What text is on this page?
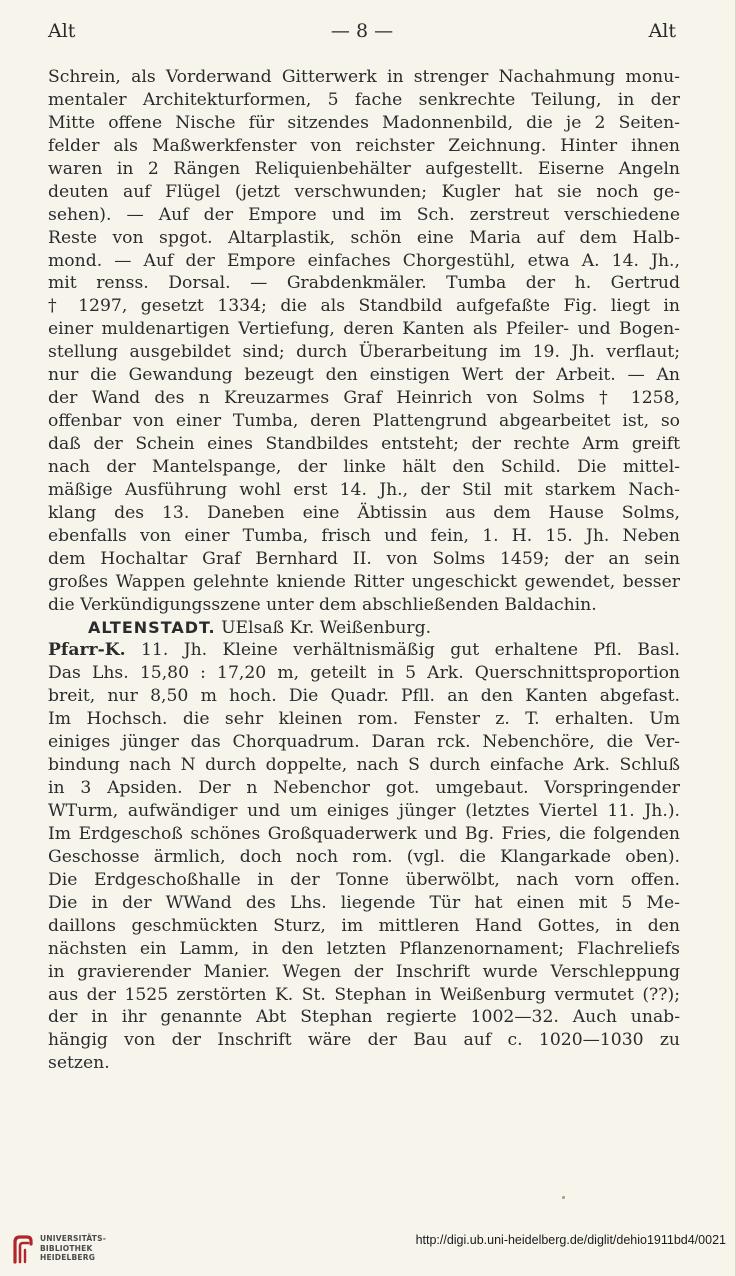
Alt	— 8 —	Alt
Schrein, als Vorderwand Gitterwerk in strenger Nachahmung monu-
mentaler Architekturformen, 5 fache senkrechte Teilung, in der
Mitte offene Nische für sitzendes Madonnenbild, die je 2 Seiten-
felder als Maßwerkfenster von reichster Zeichnung. Hinter ihnen
waren in 2 Rängen Reliquienbehälter aufgestellt. Eiserne Angeln
deuten auf Flügel (jetzt verschwunden; Kugler hat sie noch ge-
sehen). — Auf der Empore und im Sch. zerstreut verschiedene
Reste von spgot. Altarplastik, schön eine Maria auf dem Halb-
mond. — Auf der Empore einfaches Chorgestühl, etwa A. 14. Jh.,
mit renss. Dorsal. — Grabdenkmäler. Tumba der h. Gertrud
† 1297, gesetzt 1334; die als Standbild aufgefaßte Fig. liegt in
einer muldenartigen Vertiefung, deren Kanten als Pfeiler- und Bogen-
stellung ausgebildet sind; durch Überarbeitung im 19. Jh. verflaut;
nur die Gewandung bezeugt den einstigen Wert der Arbeit. — An
der Wand des n Kreuzarmes Graf Heinrich von Solms † 1258,
offenbar von einer Tumba, deren Plattengrund abgearbeitet ist, so
daß der Schein eines Standbildes entsteht; der rechte Arm greift
nach der Mantelspange, der linke hält den Schild. Die mittel-
mäßige Ausführung wohl erst 14. Jh., der Stil mit starkem Nach-
klang des 13. Daneben eine Äbtissin aus dem Hause Solms,
ebenfalls von einer Tumba, frisch und fein, 1. H. 15. Jh. Neben
dem Hochaltar Graf Bernhard II. von Solms 1459; der an sein
großes Wappen gelehnte kniende Ritter ungeschickt gewendet, besser
die Verkündigungsszene unter dem abschließenden Baldachin.
ALTENSTADT. UElsaß Kr. Weißenburg.
Pfarr-K. 11. Jh. Kleine verhältnismäßig gut erhaltene Pfl. Basl.
Das Lhs. 15,80 : 17,20 m, geteilt in 5 Ark. Querschnittsproportion
breit, nur 8,50 m hoch. Die Quadr. Pfll. an den Kanten abgefast.
Im Hochsch. die sehr kleinen rom. Fenster z. T. erhalten. Um
einiges jünger das Chorquadrum. Daran rck. Nebenchöre, die Ver-
bindung nach N durch doppelte, nach S durch einfache Ark. Schluß
in 3 Apsiden. Der n Nebenchor got. umgebaut. Vorspringender
WTurm, aufwändiger und um einiges jünger (letztes Viertel 11. Jh.).
Im Erdgeschoß schönes Großquaderwerk und Bg. Fries, die folgenden
Geschosse ärmlich, doch noch rom. (vgl. die Klangarkade oben).
Die Erdgeschoßhalle in der Tonne überwölbt, nach vorn offen.
Die in der WWand des Lhs. liegende Tür hat einen mit 5 Me-
daillons geschmückten Sturz, im mittleren Hand Gottes, in den
nächsten ein Lamm, in den letzten Pflanzenornament; Flachreliefs
in gravierender Manier. Wegen der Inschrift wurde Verschleppung
aus der 1525 zerstörten K. St. Stephan in Weißenburg vermutet (??);
der in ihr genannte Abt Stephan regierte 1002—32. Auch unab-
hängig von der Inschrift wäre der Bau auf c. 1020—1030 zu
setzen.
UNIVERSITÄTS-
BIBLIOTHEK
HEIDELBERG
http://digi.ub.uni-heidelberg.de/diglit/dehio1911bd4/0021
